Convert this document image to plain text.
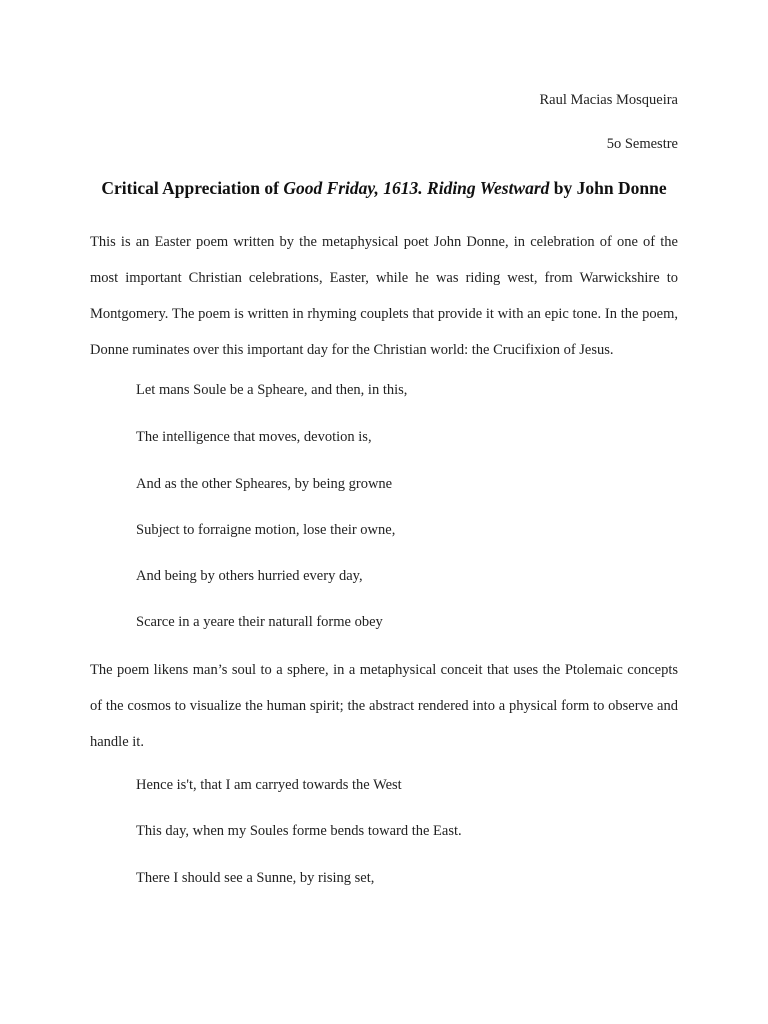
Raul Macias Mosqueira
5o Semestre
Critical Appreciation of Good Friday, 1613. Riding Westward by John Donne

This is an Easter poem written by the metaphysical poet John Donne, in celebration of one of the most important Christian celebrations, Easter, while he was riding west, from Warwickshire to Montgomery. The poem is written in rhyming couplets that provide it with an epic tone. In the poem, Donne ruminates over this important day for the Christian world: the Crucifixion of Jesus.

Let mans Soule be a Spheare, and then, in this,
The intelligence that moves, devotion is,
And as the other Spheares, by being growne
Subject to forraigne motion, lose their owne,
And being by others hurried every day,
Scarce in a yeare their naturall forme obey

The poem likens man’s soul to a sphere, in a metaphysical conceit that uses the Ptolemaic concepts of the cosmos to visualize the human spirit; the abstract rendered into a physical form to observe and handle it.

Hence is't, that I am carryed towards the West
This day, when my Soules forme bends toward the East.
There I should see a Sunne, by rising set,
